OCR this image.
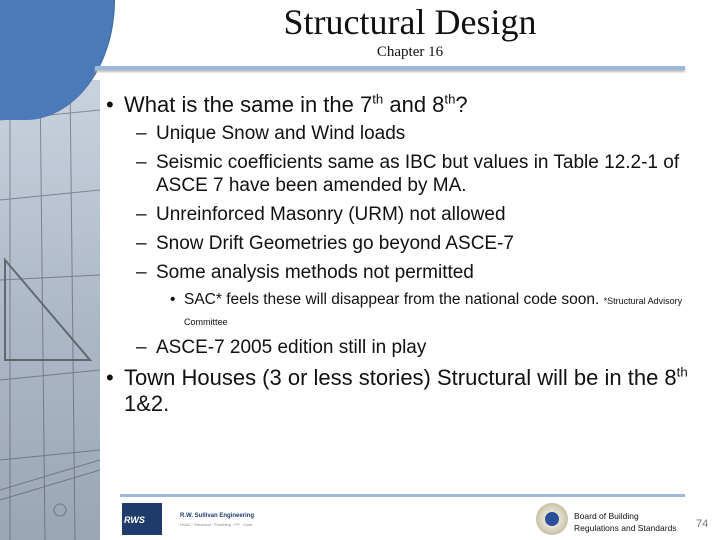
Structural Design
Chapter 16
• What is the same in the 7th and 8th?
– Unique Snow and Wind loads
– Seismic coefficients same as IBC but values in Table 12.2-1 of ASCE 7 have been amended by MA.
– Unreinforced Masonry (URM) not allowed
– Snow Drift Geometries go beyond ASCE-7
– Some analysis methods not permitted
• SAC* feels these will disappear from the national code soon. *Structural Advisory Committee
– ASCE-7 2005 edition still in play
• Town Houses (3 or less stories) Structural will be in the 8th 1&2.
RWS	R.W. Sullivan Engineering
HVAC · Electrical · Plumbing · FP · Code
Board of Building
Regulations and Standards 74
